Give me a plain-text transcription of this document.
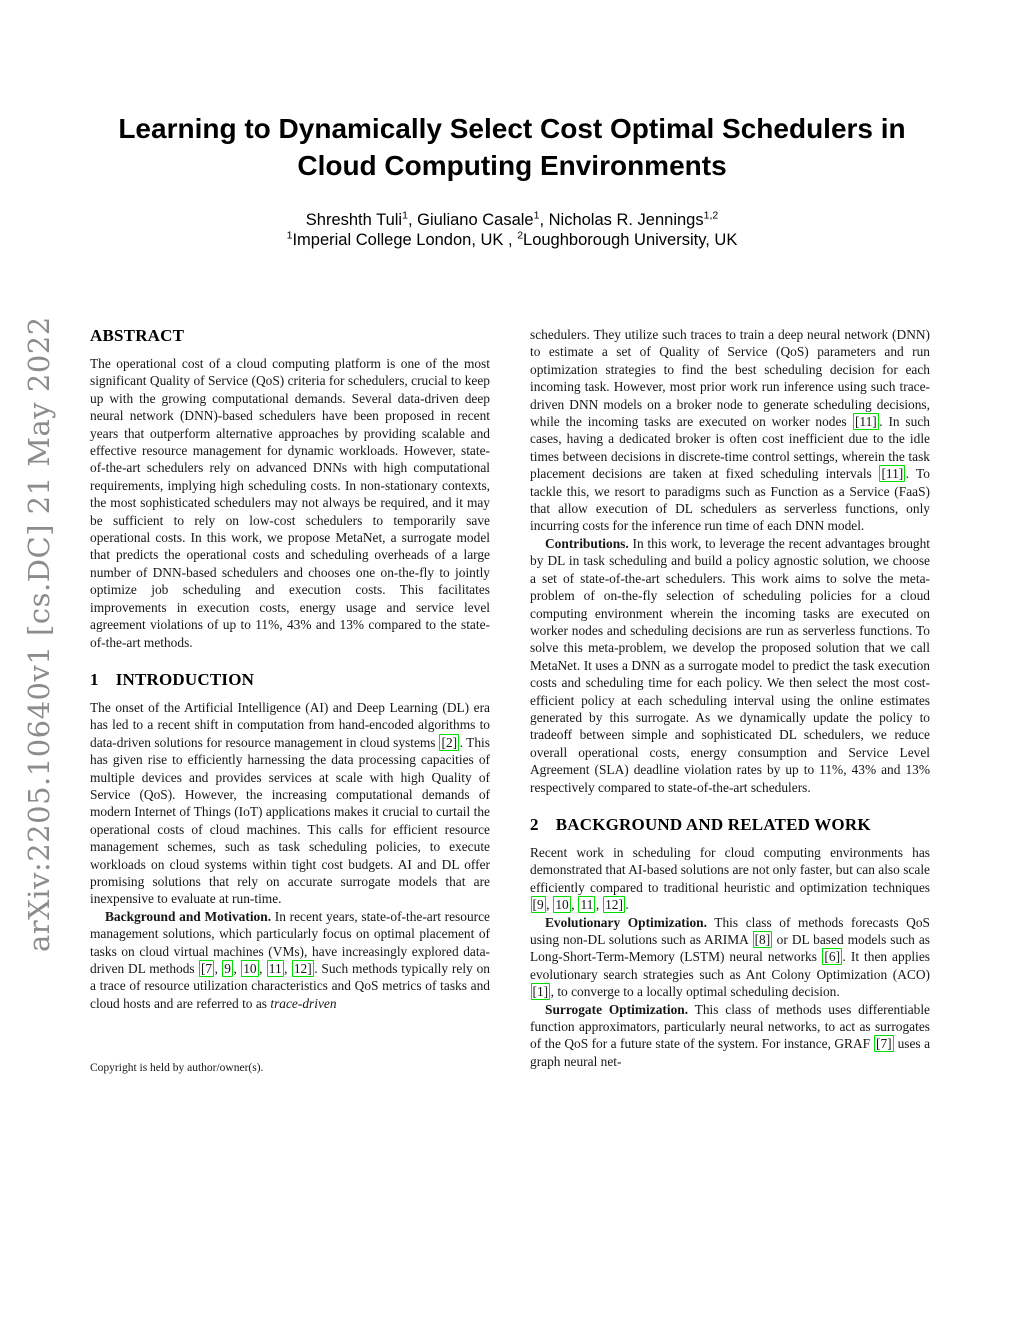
arXiv:2205.10640v1 [cs.DC] 21 May 2022
Learning to Dynamically Select Cost Optimal Schedulers in
Cloud Computing Environments
Shreshth Tuli$^1$, Giuliano Casale$^1$, Nicholas R. Jennings$^{1,2}$
$^1$Imperial College London, UK , $^2$Loughborough University, UK
ABSTRACT

The operational cost of a cloud computing platform is one of the most significant Quality of Service (QoS) criteria for schedulers, crucial to keep up with the growing computational demands. Several data-driven deep neural network (DNN)-based schedulers have been proposed in recent years that outperform alternative approaches by providing scalable and effective resource management for dynamic workloads. However, state-of-the-art schedulers rely on advanced DNNs with high computational requirements, implying high scheduling costs. In non-stationary contexts, the most sophisticated schedulers may not always be required, and it may be sufficient to rely on low-cost schedulers to temporarily save operational costs. In this work, we propose MetaNet, a surrogate model that predicts the operational costs and scheduling overheads of a large number of DNN-based schedulers and chooses one on-the-fly to jointly optimize job scheduling and execution costs. This facilitates improvements in execution costs, energy usage and service level agreement violations of up to 11%, 43% and 13% compared to the state-of-the-art methods.

1 INTRODUCTION

The onset of the Artificial Intelligence (AI) and Deep Learning (DL) era has led to a recent shift in computation from hand-encoded algorithms to data-driven solutions for resource management in cloud systems [2] . This has given rise to efficiently harnessing the data processing capacities of multiple devices and provides services at scale with high Quality of Service (QoS). However, the increasing computational demands of modern Internet of Things (IoT) applications makes it crucial to curtail the operational costs of cloud machines. This calls for efficient resource management schemes, such as task scheduling policies, to execute workloads on cloud systems within tight cost budgets. AI and DL offer promising solutions that rely on accurate surrogate models that are inexpensive to evaluate at run-time.

Background and Motivation. In recent years, state-of-the-art resource management solutions, which particularly focus on optimal placement of tasks on cloud virtual machines (VMs), have increasingly explored data-driven DL methods [7 , 9 , 10 , 11 , 12] . Such methods typically rely on a trace of resource utilization characteristics and QoS metrics of tasks and cloud hosts and are referred to as trace-driven

Copyright is held by author/owner(s).

schedulers. They utilize such traces to train a deep neural network (DNN) to estimate a set of Quality of Service (QoS) parameters and run optimization strategies to find the best scheduling decision for each incoming task. However, most prior work run inference using such trace-driven DNN models on a broker node to generate scheduling decisions, while the incoming tasks are executed on worker nodes [11] . In such cases, having a dedicated broker is often cost inefficient due to the idle times between decisions in discrete-time control settings, wherein the task placement decisions are taken at fixed scheduling intervals [11] . To tackle this, we resort to paradigms such as Function as a Service (FaaS) that allow execution of DL schedulers as serverless functions, only incurring costs for the inference run time of each DNN model.

Contributions. In this work, to leverage the recent advantages brought by DL in task scheduling and build a policy agnostic solution, we choose a set of state-of-the-art schedulers. This work aims to solve the meta-problem of on-the-fly selection of scheduling policies for a cloud computing environment wherein the incoming tasks are executed on worker nodes and scheduling decisions are run as serverless functions. To solve this meta-problem, we develop the proposed solution that we call MetaNet. It uses a DNN as a surrogate model to predict the task execution costs and scheduling time for each policy. We then select the most cost-efficient policy at each scheduling interval using the online estimates generated by this surrogate. As we dynamically update the policy to tradeoff between simple and sophisticated DL schedulers, we reduce overall operational costs, energy consumption and Service Level Agreement (SLA) deadline violation rates by up to 11%, 43% and 13% respectively compared to state-of-the-art schedulers.

2 BACKGROUND AND RELATED WORK

Recent work in scheduling for cloud computing environments has demonstrated that AI-based solutions are not only faster, but can also scale efficiently compared to traditional heuristic and optimization techniques [9 , 10 , 11 , 12] .

Evolutionary Optimization. This class of methods forecasts QoS using non-DL solutions such as ARIMA [8] or DL based models such as Long-Short-Term-Memory (LSTM) neural networks [6] . It then applies evolutionary search strategies such as Ant Colony Optimization (ACO) [1] , to converge to a locally optimal scheduling decision.

Surrogate Optimization. This class of methods uses differentiable function approximators, particularly neural networks, to act as surrogates of the QoS for a future state of the system. For instance, GRAF [7] uses a graph neural net-
